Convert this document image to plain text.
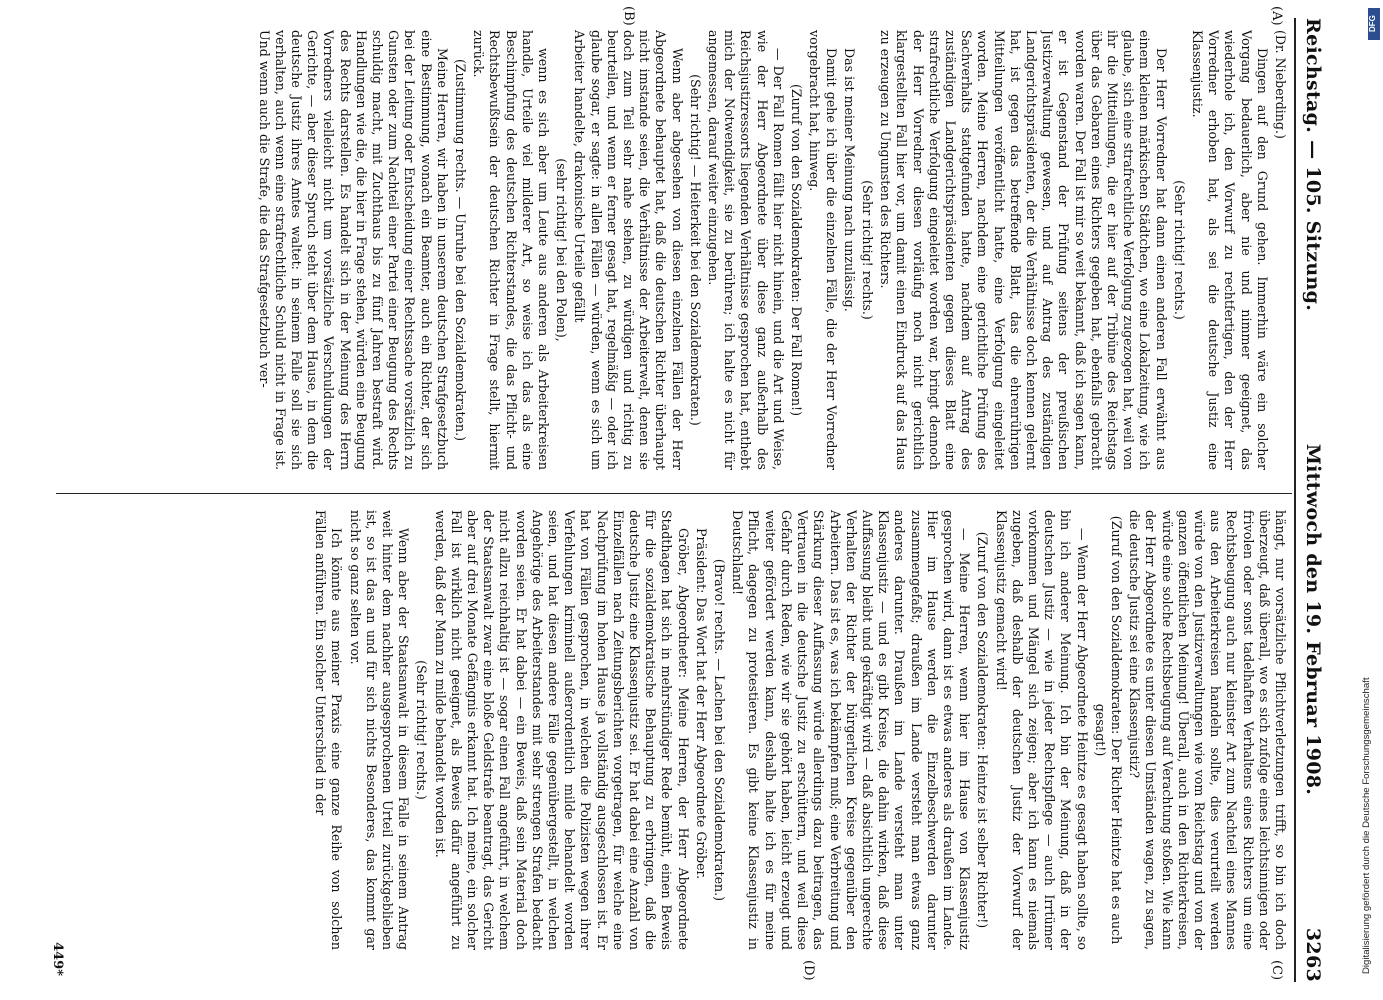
Reichstag. — 105. Sitzung.
Mittwoch den 19. Februar 1908.
3263
(A)
(B)
(C)
(D)

(Dr. Nieberding.)

Dingen auf den Grund gehen. Immerhin wäre ein solcher Vorgang bedauerlich, aber nie und nimmer geeignet, das wiederhole ich, den Vorwurf zu rechtfertigen, den der Herr Vorredner erhoben hat, als sei die deutsche Justiz eine Klassenjustiz.

(Sehr richtig! rechts.)

Der Herr Vorredner hat dann einen anderen Fall erwähnt aus einem kleinen märkischen Städtchen, wo eine Lokalzeitung, wie ich glaube, sich eine strafrechtliche Verfolgung zugezogen hat, weil von ihr die Mitteilungen, die er hier auf der Tribüne des Reichstags über das Gebaren eines Richters gegeben hat, ebenfalls gebracht worden waren. Der Fall ist mir so weit bekannt, daß ich sagen kann, er ist Gegenstand der Prüfung seitens der preußischen Justizverwaltung gewesen, und auf Antrag des zuständigen Landgerichtspräsidenten, der die Verhältnisse doch kennen gelernt hat, ist gegen das betreffende Blatt, das die ehrenrührigen Mitteilungen veröffentlicht hatte, eine Verfolgung eingeleitet worden. Meine Herren, nachdem eine gerichtliche Prüfung des Sachverhalts stattgefunden hatte, nachdem auf Antrag des zuständigen Landgerichtspräsidenten gegen dieses Blatt eine strafrechtliche Verfolgung eingeleitet worden war, bringt dennoch der Herr Vorredner diesen vorläufig noch nicht gerichtlich klargestellten Fall hier vor, um damit einen Eindruck auf das Haus zu erzeugen zu Ungunsten des Richters.

(Sehr richtig! rechts.)

Das ist meiner Meinung nach unzulässig.

Damit gehe ich über die einzelnen Fälle, die der Herr Vorredner vorgebracht hat, hinweg.

(Zuruf von den Sozialdemokraten: Der Fall Romen!)

— Der Fall Romen fällt hier nicht hinein, und die Art und Weise, wie der Herr Abgeordnete über diese ganz außerhalb des Reichsjustizressorts liegenden Verhältnisse gesprochen hat, enthebt mich der Notwendigkeit, sie zu berühren; ich halte es nicht für angemessen, darauf weiter einzugehen.

(Sehr richtig! — Heiterkeit bei den Sozialdemokraten.)

Wenn aber abgesehen von diesen einzelnen Fällen der Herr Abgeordnete behauptet hat, daß die deutschen Richter überhaupt nicht imstande seien, die Verhältnisse der Arbeiterwelt, denen sie doch zum Teil sehr nahe stehen, zu würdigen und richtig zu beurteilen, und wenn er ferner gesagt hat, regelmäßig — oder ich glaube sogar, er sagte: in allen Fällen — würden, wenn es sich um Arbeiter handelte, drakonische Urteile gefällt

(sehr richtig! bei den Polen),

wenn es sich aber um Leute aus anderen als Arbeiterkreisen handle, Urteile viel milderer Art, so weise ich das als eine Beschimpfung des deutschen Richterstandes, die das Pflicht- und Rechtsbewußtsein der deutschen Richter in Frage stellt, hiermit zurück.

(Zustimmung rechts. — Unruhe bei den Sozialdemokraten.)

Meine Herren, wir haben in unserem deutschen Strafgesetzbuch eine Bestimmung, wonach ein Beamter, auch ein Richter, der sich bei der Leitung oder Entscheidung einer Rechtssache vorsätzlich zu Gunsten oder zum Nachteil einer Partei einer Beugung des Rechts schuldig macht, mit Zuchthaus bis zu fünf Jahren bestraft wird. Handlungen wie die, die hier in Frage stehen, würden eine Beugung des Rechts darstellen. Es handelt sich in der Meinung des Herrn Vorredners vielleicht nicht um vorsätzliche Verschuldungen der Gerichte, — aber dieser Spruch steht über dem Hause, in dem die deutsche Justiz ihres Amtes waltet: in seinem Falle soll sie sich verhalten, auch wenn eine strafrechtliche Schuld nicht in Frage ist. Und wenn auch die Strafe, die das Strafgesetzbuch ver-

hängt, nur vorsätzliche Pflichtverletzungen trifft, so bin ich doch überzeugt, daß überall, wo es sich zufolge eines leichtsinnigen oder frivolen oder sonst tadelhaften Verhaltens eines Richters um eine Rechtsbeugung auch nur kleinster Art zum Nachteil eines Mannes aus den Arbeiterkreisen handeln sollte, dies verurteilt werden würde von den Justizverwaltungen wie vom Reichstag und von der ganzen öffentlichen Meinung! Überall, auch in den Richterkreisen, würde eine solche Rechtsbeugung auf Verachtung stoßen. Wie kann der Herr Abgeordnete es unter diesen Umständen wagen, zu sagen, die deutsche Justiz sei eine Klassenjustiz?

(Zuruf von den Sozialdemokraten: Der Richter Heintze hat es auch gesagt!)

— Wenn der Herr Abgeordnete Heintze es gesagt haben sollte, so bin ich anderer Meinung. Ich bin der Meinung, daß in der deutschen Justiz — wie in jeder Rechtspflege — auch Irrtümer vorkommen und Mängel sich zeigen; aber ich kann es niemals zugeben, daß deshalb der deutschen Justiz der Vorwurf der Klassenjustiz gemacht wird!

(Zuruf von den Sozialdemokraten: Heintze ist selber Richter!)

— Meine Herren, wenn hier im Hause von Klassenjustiz gesprochen wird, dann ist es etwas anderes als draußen im Lande. Hier im Hause werden die Einzelbeschwerden darunter zusammengefaßt; draußen im Lande versteht man etwas ganz anderes darunter. Draußen im Lande versteht man unter Klassenjustiz — und es gibt Kreise, die dahin wirken, daß diese Auffassung bleibt und gekräftigt wird — daß absichtlich ungerechte Verhalten der Richter der bürgerlichen Kreise gegenüber den Arbeitern. Das ist es, was ich bekämpfen muß; eine Verbreitung und Stärkung dieser Auffassung würde allerdings dazu beitragen, das Vertrauen in die deutsche Justiz zu erschüttern, und weil diese Gefahr durch Reden, wie wir sie gehört haben, leicht erzeugt und weiter gefördert werden kann, deshalb halte ich es für meine Pflicht, dagegen zu protestieren. Es gibt keine Klassenjustiz in Deutschland!

(Bravo! rechts. — Lachen bei den Sozialdemokraten.)

Präsident: Das Wort hat der Herr Abgeordnete Gröber.

Gröber, Abgeordneter: Meine Herren, der Herr Abgeordnete Stadthagen hat sich in mehrstündiger Rede bemüht, einen Beweis für die sozialdemokratische Behauptung zu erbringen, daß die deutsche Justiz eine Klassenjustiz sei. Er hat dabei eine Anzahl von Einzelfällen nach Zeitungsberichten vorgetragen, für welche eine Nachprüfung im hohen Hause ja vollständig ausgeschlossen ist. Er hat von Fällen gesprochen, in welchen die Polizisten wegen ihrer Verfehlungen kriminell außerordentlich milde behandelt worden seien, und hat diesen andere Fälle gegenübergestellt, in welchen Angehörige des Arbeiterstandes mit sehr strengen Strafen bedacht worden seien. Er hat dabei — ein Beweis, daß sein Material doch nicht allzu reichhaltig ist — sogar einen Fall angeführt, in welchem der Staatsanwalt zwar eine bloße Geldstrafe beantragt, das Gericht aber auf drei Monate Gefängnis erkannt hat. Ich meine, ein solcher Fall ist wirklich nicht geeignet, als Beweis dafür angeführt zu werden, daß der Mann zu milde behandelt worden ist.

(Sehr richtig! rechts.)

Wenn aber der Staatsanwalt in diesem Falle in seinem Antrag weit hinter dem nachher ausgesprochenen Urteil zurückgeblieben ist, so ist das an und für sich nichts Besonderes, das kommt gar nicht so ganz selten vor.

Ich könnte aus meiner Praxis eine ganze Reihe von solchen Fällen anführen. Ein solcher Unterschied in der

449*	Digitalisierung gefördert durch die Deutsche Forschungsgemeinschaft
DFG
